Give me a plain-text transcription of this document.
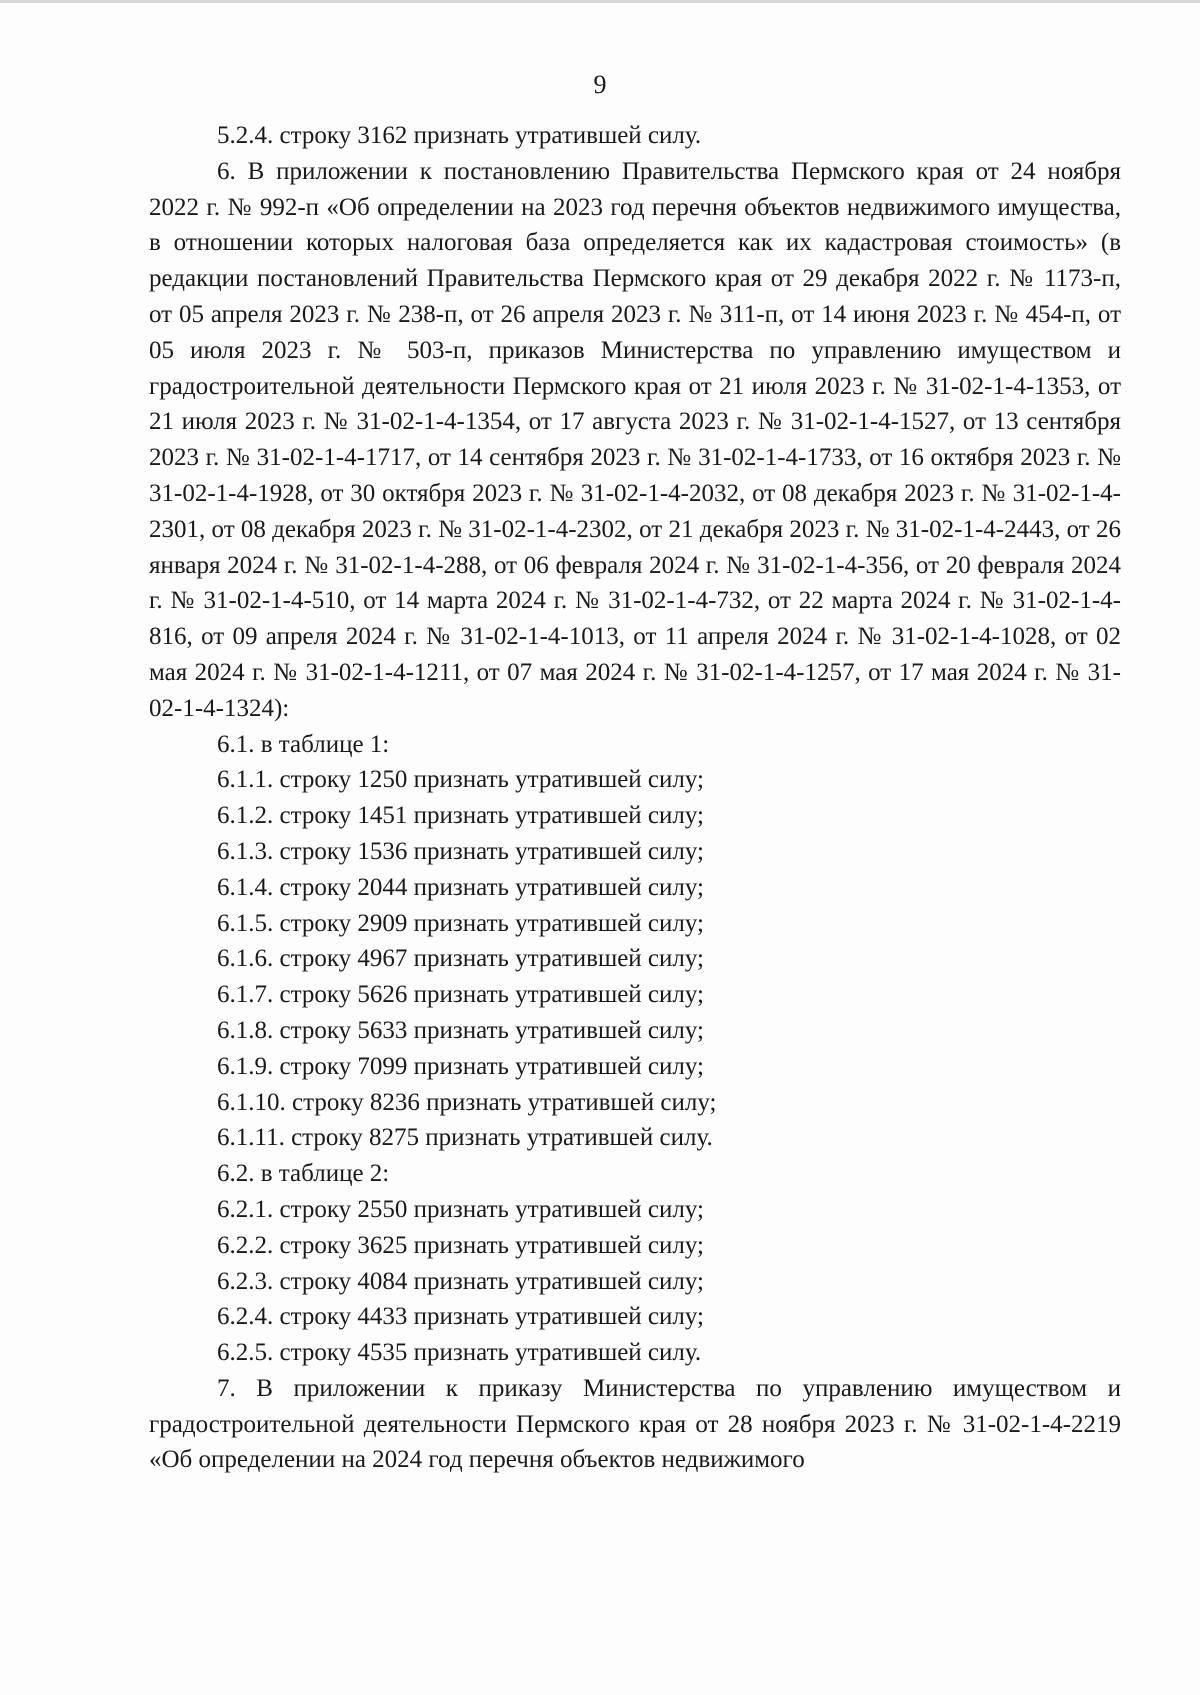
9

5.2.4. строку 3162 признать утратившей силу.

6. В приложении к постановлению Правительства Пермского края от 24 ноября 2022 г. № 992-п «Об определении на 2023 год перечня объектов недвижимого имущества, в отношении которых налоговая база определяется как их кадастровая стоимость» (в редакции постановлений Правительства Пермского края от 29 декабря 2022 г. № 1173-п, от 05 апреля 2023 г. № 238-п, от 26 апреля 2023 г. № 311-п, от 14 июня 2023 г. № 454-п, от 05 июля 2023 г. № 503-п, приказов Министерства по управлению имуществом и градостроительной деятельности Пермского края от 21 июля 2023 г. № 31-02-1-4-1353, от 21 июля 2023 г. № 31-02-1-4-1354, от 17 августа 2023 г. № 31-02-1-4-1527, от 13 сентября 2023 г. № 31-02-1-4-1717, от 14 сентября 2023 г. № 31-02-1-4-1733, от 16 октября 2023 г. № 31-02-1-4-1928, от 30 октября 2023 г. № 31-02-1-4-2032, от 08 декабря 2023 г. № 31-02-1-4-2301, от 08 декабря 2023 г. № 31-02-1-4-2302, от 21 декабря 2023 г. № 31-02-1-4-2443, от 26 января 2024 г. № 31-02-1-4-288, от 06 февраля 2024 г. № 31-02-1-4-356, от 20 февраля 2024 г. № 31-02-1-4-510, от 14 марта 2024 г. № 31-02-1-4-732, от 22 марта 2024 г. № 31-02-1-4-816, от 09 апреля 2024 г. № 31-02-1-4-1013, от 11 апреля 2024 г. № 31-02-1-4-1028, от 02 мая 2024 г. № 31-02-1-4-1211, от 07 мая 2024 г. № 31-02-1-4-1257, от 17 мая 2024 г. № 31-02-1-4-1324):

6.1. в таблице 1:

6.1.1. строку 1250 признать утратившей силу;

6.1.2. строку 1451 признать утратившей силу;

6.1.3. строку 1536 признать утратившей силу;

6.1.4. строку 2044 признать утратившей силу;

6.1.5. строку 2909 признать утратившей силу;

6.1.6. строку 4967 признать утратившей силу;

6.1.7. строку 5626 признать утратившей силу;

6.1.8. строку 5633 признать утратившей силу;

6.1.9. строку 7099 признать утратившей силу;

6.1.10. строку 8236 признать утратившей силу;

6.1.11. строку 8275 признать утратившей силу.

6.2. в таблице 2:

6.2.1. строку 2550 признать утратившей силу;

6.2.2. строку 3625 признать утратившей силу;

6.2.3. строку 4084 признать утратившей силу;

6.2.4. строку 4433 признать утратившей силу;

6.2.5. строку 4535 признать утратившей силу.

7. В приложении к приказу Министерства по управлению имуществом и градостроительной деятельности Пермского края от 28 ноября 2023 г. № 31-02-1-4-2219 «Об определении на 2024 год перечня объектов недвижимого
